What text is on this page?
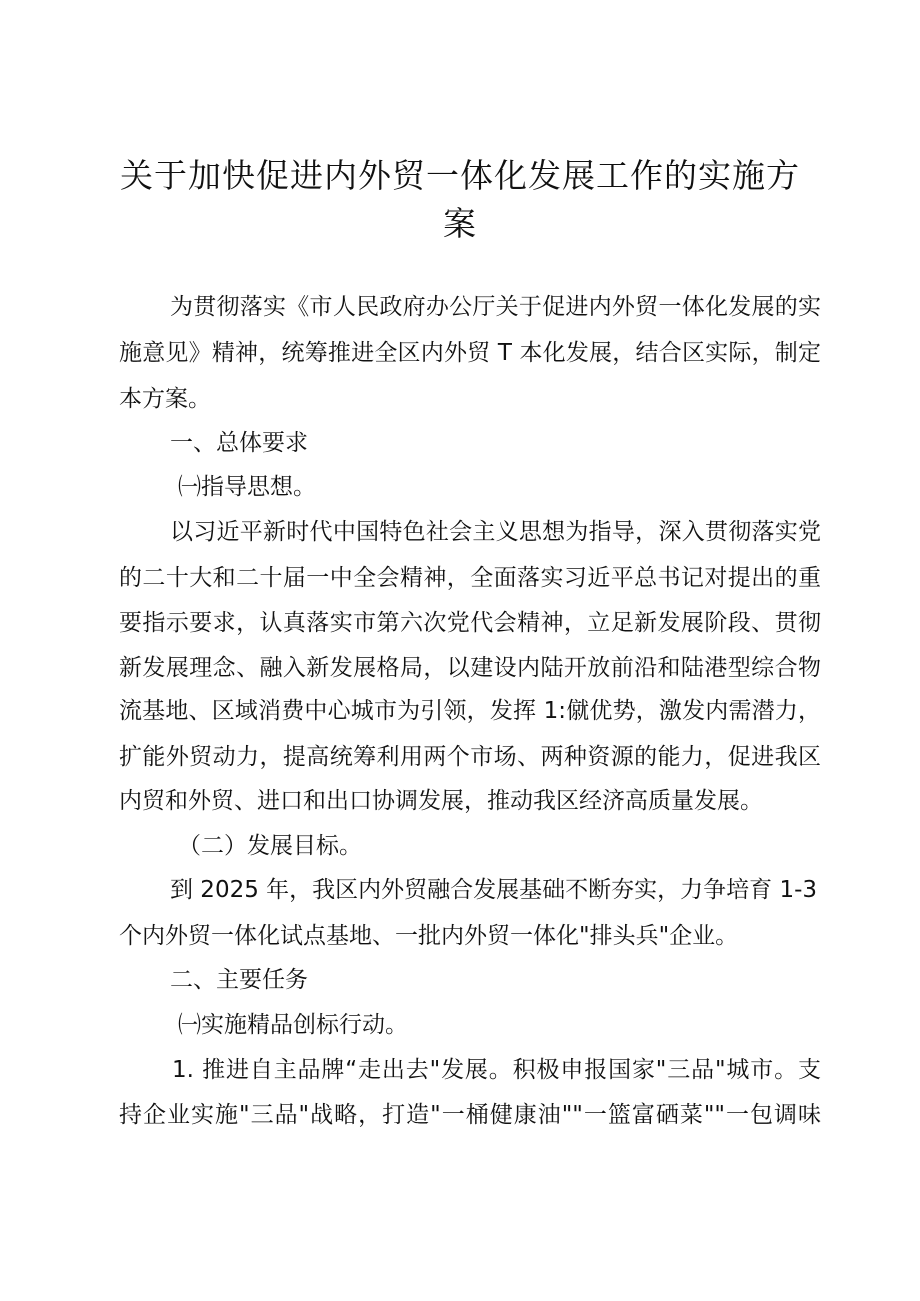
关于加快促进内外贸一体化发展工作的实施方
案

为贯彻落实《市人民政府办公厅关于促进内外贸一体化发展的实

施意见》精神，统筹推进全区内外贸 T 本化发展，结合区实际，制定

本方案。

一、总体要求

㈠指导思想。

以习近平新时代中国特色社会主义思想为指导，深入贯彻落实党

的二十大和二十届一中全会精神，全面落实习近平总书记对提出的重

要指示要求，认真落实市第六次党代会精神，立足新发展阶段、贯彻

新发展理念、融入新发展格局，以建设内陆开放前沿和陆港型综合物

流基地、区域消费中心城市为引领，发挥 1:僦优势，激发内需潜力，

扩能外贸动力，提高统筹利用两个市场、两种资源的能力，促进我区

内贸和外贸、进口和出口协调发展，推动我区经济高质量发展。

（二）发展目标。

到 2025 年，我区内外贸融合发展基础不断夯实，力争培育 1-3

个内外贸一体化试点基地、一批内外贸一体化"排头兵"企业。

二、主要任务

㈠实施精品创标行动。

1. 推进自主品牌“走出去"发展。积极申报国家"三品"城市。支

持企业实施"三品"战略，打造"一桶健康油""一篮富硒菜""一包调味
